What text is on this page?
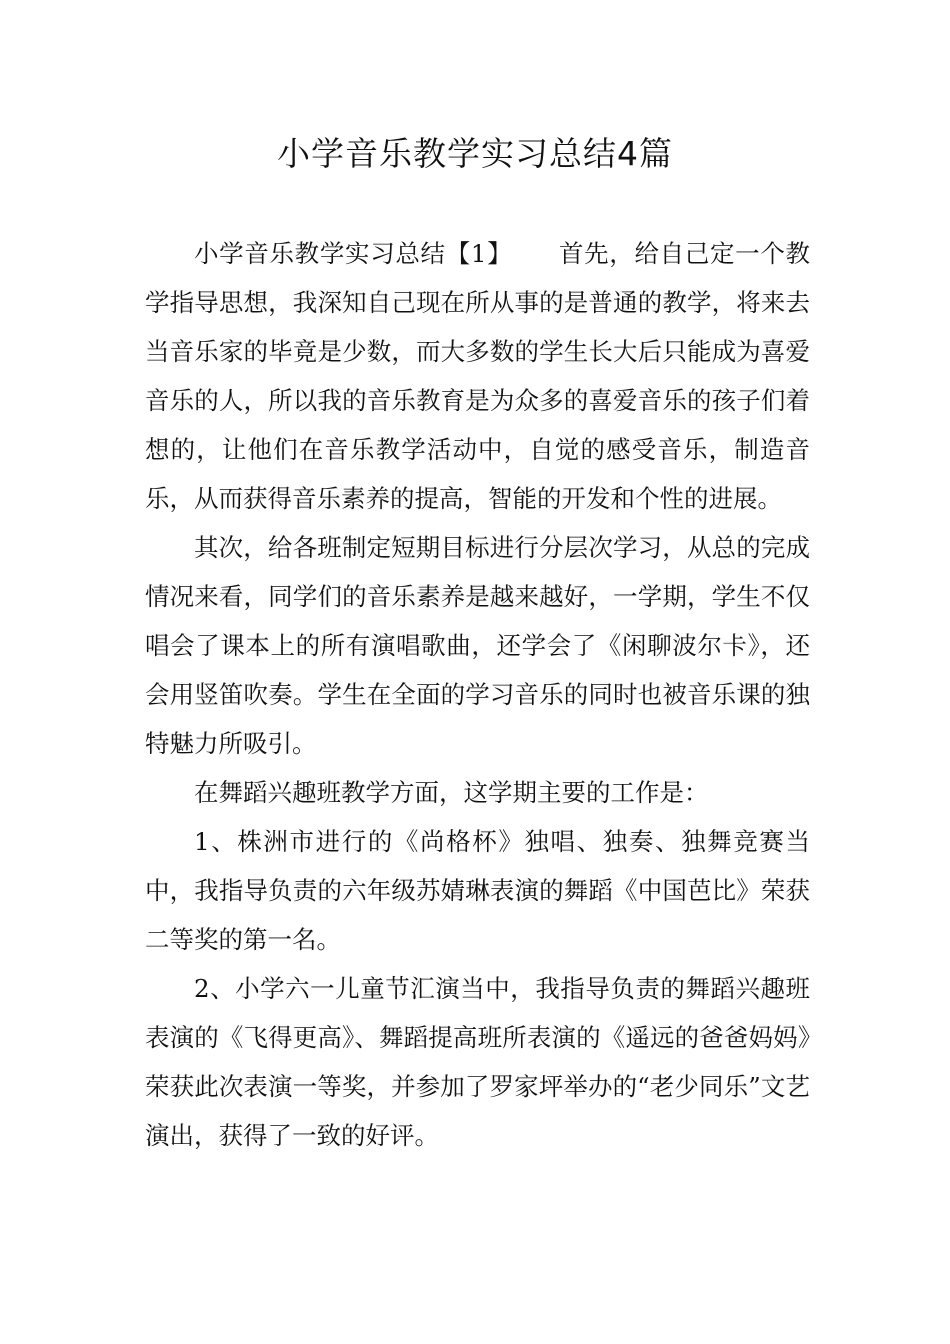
小学音乐教学实习总结4篇

小学音乐教学实习总结【1】 首先，给自己定一个教学指导思想，我深知自己现在所从事的是普通的教学，将来去当音乐家的毕竟是少数，而大多数的学生长大后只能成为喜爱音乐的人，所以我的音乐教育是为众多的喜爱音乐的孩子们着想的，让他们在音乐教学活动中，自觉的感受音乐，制造音乐，从而获得音乐素养的提高，智能的开发和个性的进展。

其次，给各班制定短期目标进行分层次学习，从总的完成情况来看，同学们的音乐素养是越来越好，一学期，学生不仅唱会了课本上的所有演唱歌曲，还学会了《闲聊波尔卡》，还会用竖笛吹奏。学生在全面的学习音乐的同时也被音乐课的独特魅力所吸引。

在舞蹈兴趣班教学方面，这学期主要的工作是：

1、株洲市进行的《尚格杯》独唱、独奏、独舞竞赛当中，我指导负责的六年级苏婧琳表演的舞蹈《中国芭比》荣获二等奖的第一名。

2、小学六一儿童节汇演当中，我指导负责的舞蹈兴趣班表演的《飞得更高》、舞蹈提高班所表演的《遥远的爸爸妈妈》荣获此次表演一等奖，并参加了罗家坪举办的“老少同乐”文艺演出，获得了一致的好评。
